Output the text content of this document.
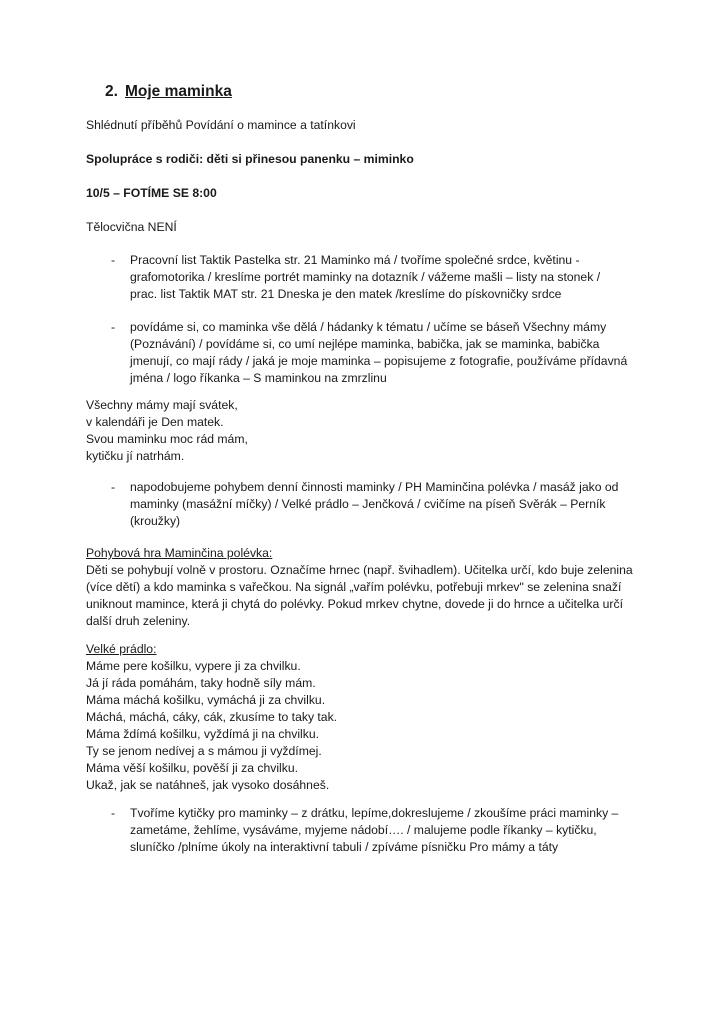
2. Moje maminka
Shlédnutí příběhů Povídání o mamince a tatínkovi
Spolupráce s rodiči: děti si přinesou panenku – miminko
10/5 – FOTÍME SE 8:00
Tělocvična NENÍ
- Pracovní list Taktik Pastelka str. 21 Maminko má / tvoříme společné srdce, květinu -
grafomotorika / kreslíme portrét maminky na dotazník / vážeme mašli – listy na stonek /
prac. list Taktik MAT str. 21 Dneska je den matek /kreslíme do pískovničky srdce
- povídáme si, co maminka vše dělá / hádanky k tématu / učíme se báseň Všechny mámy
(Poznávání) / povídáme si, co umí nejlépe maminka, babička, jak se maminka, babička
jmenují, co mají rády / jaká je moje maminka – popisujeme z fotografie, používáme přídavná
jména / logo říkanka – S maminkou na zmrzlinu
Všechny mámy mají svátek,
v kalendáři je Den matek.
Svou maminku moc rád mám,
kytičku jí natrhám.
- napodobujeme pohybem denní činnosti maminky / PH Maminčina polévka / masáž jako od
maminky (masážní míčky) / Velké prádlo – Jenčková / cvičíme na píseň Svěrák – Perník
(kroužky)
Pohybová hra Maminčina polévka:
Děti se pohybují volně v prostoru. Označíme hrnec (např. švihadlem). Učitelka určí, kdo buje zelenina
(více dětí) a kdo maminka s vařečkou. Na signál „vařím polévku, potřebuji mrkev" se zelenina snaží
uniknout mamince, která ji chytá do polévky. Pokud mrkev chytne, dovede ji do hrnce a učitelka určí
další druh zeleniny.
Velké prádlo:
Máme pere košilku, vypere ji za chvilku.
Já jí ráda pomáhám, taky hodně síly mám.
Máma máchá košilku, vymáchá ji za chvilku.
Máchá, máchá, cáky, cák, zkusíme to taky tak.
Máma ždímá košilku, vyždímá ji na chvilku.
Ty se jenom nedívej a s mámou ji vyždímej.
Máma věší košilku, pověší ji za chvilku.
Ukaž, jak se natáhneš, jak vysoko dosáhneš.
- Tvoříme kytičky pro maminky – z drátku, lepíme,dokreslujeme / zkoušíme práci maminky –
zametáme, žehlíme, vysáváme, myjeme nádobí…. / malujeme podle říkanky – kytičku,
sluníčko /plníme úkoly na interaktivní tabuli / zpíváme písničku Pro mámy a táty
